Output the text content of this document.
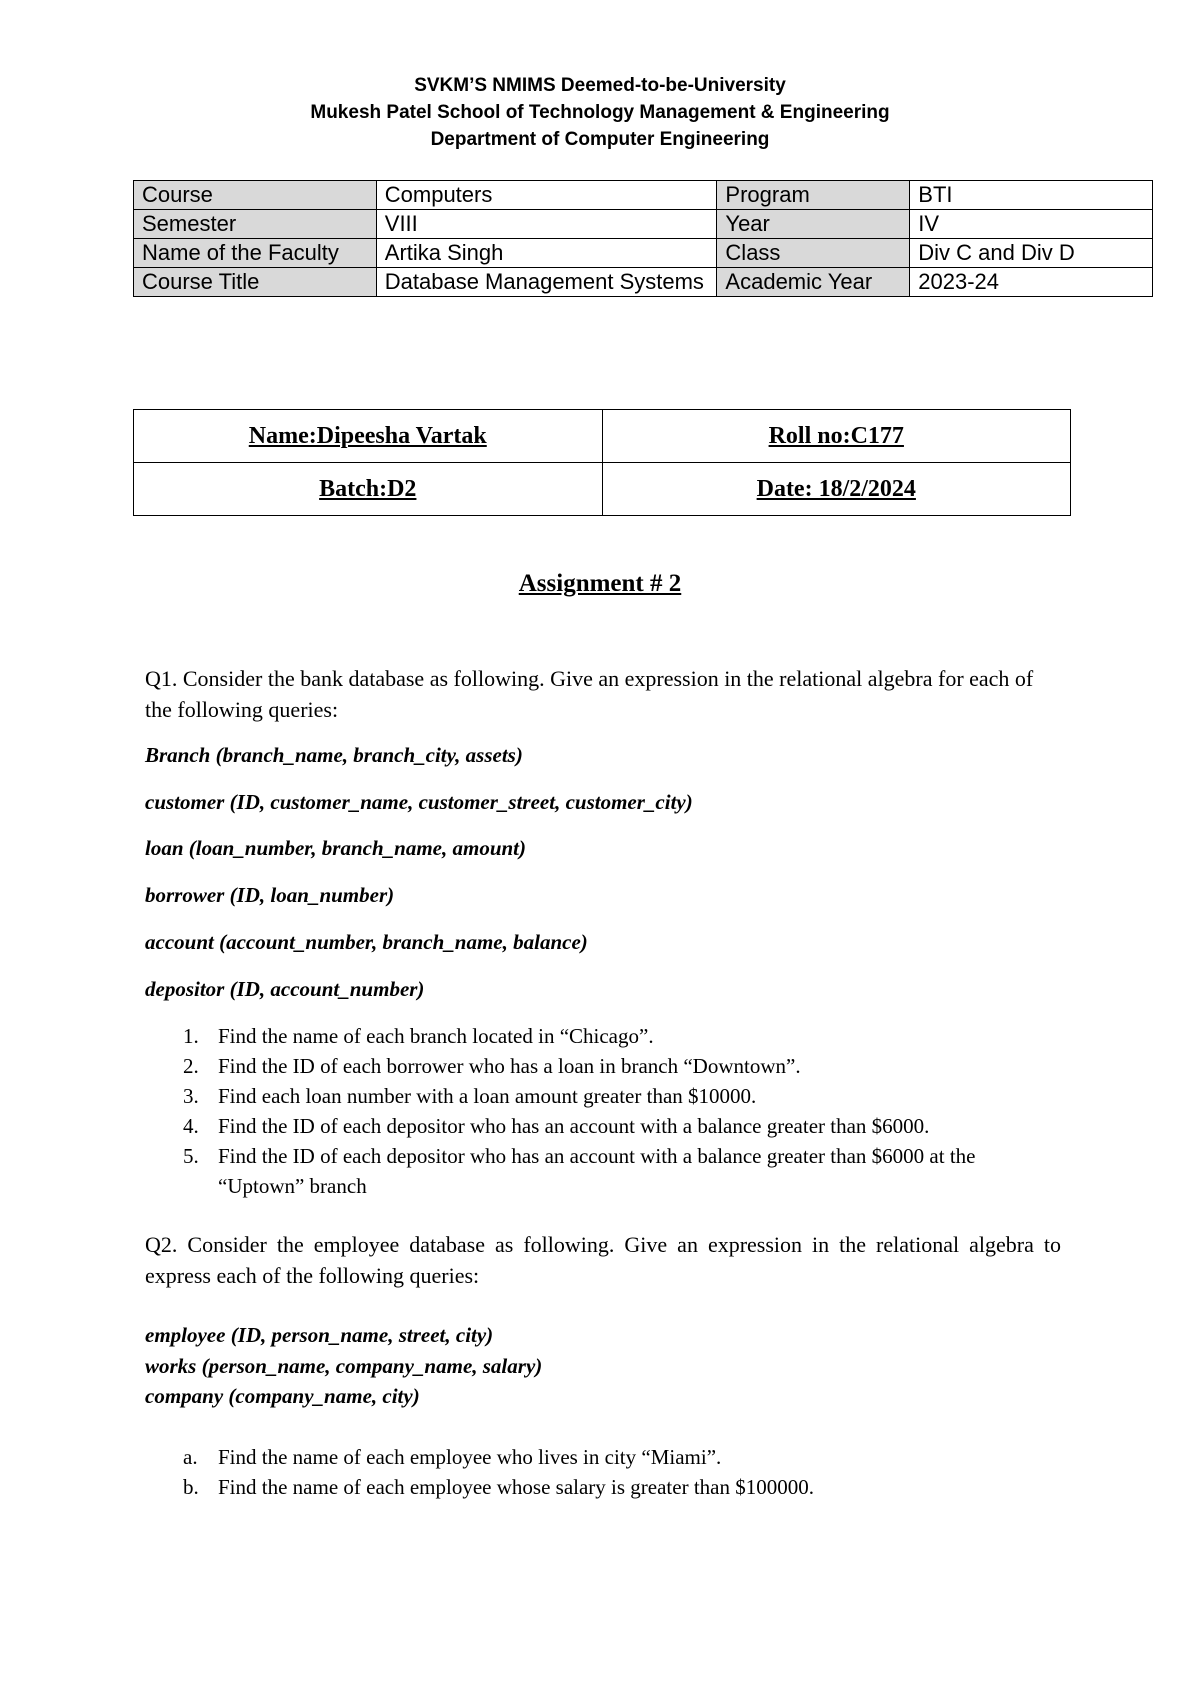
SVKM’S NMIMS Deemed-to-be-University
Mukesh Patel School of Technology Management & Engineering
Department of Computer Engineering
Course	Computers	Program	BTI
Semester	VIII	Year	IV
Name of the Faculty	Artika Singh	Class	Div C and Div D
Course Title	Database Management Systems	Academic Year	2023-24
Name:Dipeesha Vartak	Roll no:C177
Batch:D2	Date: 18/2/2024
Assignment # 2
Q1. Consider the bank database as following. Give an expression in the relational algebra for each of the following queries:
Branch (branch_name, branch_city, assets)
customer (ID, customer_name, customer_street, customer_city)
loan (loan_number, branch_name, amount)
borrower (ID, loan_number)
account (account_number, branch_name, balance)
depositor (ID, account_number)
1. Find the name of each branch located in “Chicago”.
2. Find the ID of each borrower who has a loan in branch “Downtown”.
3. Find each loan number with a loan amount greater than $10000.
4. Find the ID of each depositor who has an account with a balance greater than $6000.
5. Find the ID of each depositor who has an account with a balance greater than $6000 at the “Uptown” branch
Q2. Consider the employee database as following. Give an expression in the relational algebra to express each of the following queries:
employee (ID, person_name, street, city)
works (person_name, company_name, salary)
company (company_name, city)
a. Find the name of each employee who lives in city “Miami”.
b. Find the name of each employee whose salary is greater than $100000.
